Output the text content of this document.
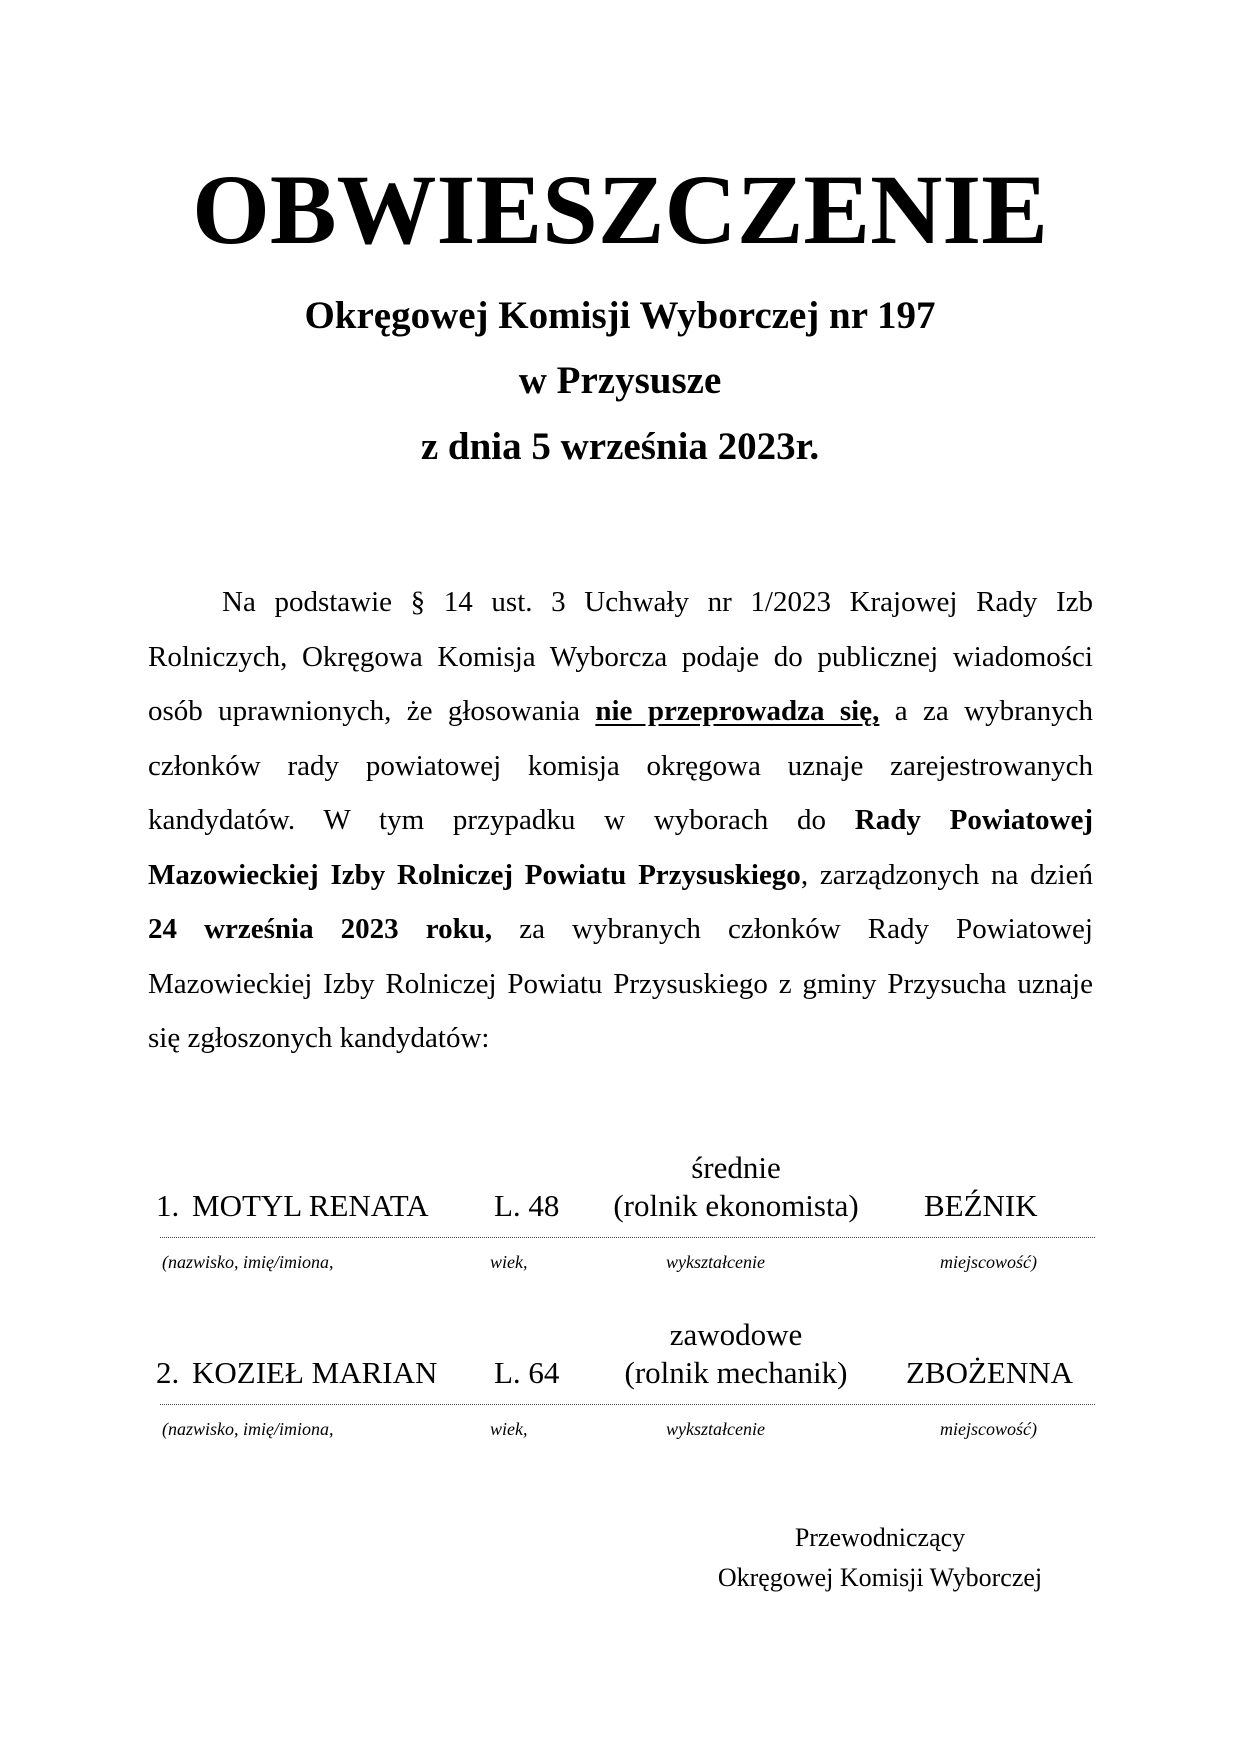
OBWIESZCZENIE
Okręgowej Komisji Wyborczej nr 197
w Przysusze
z dnia 5 września 2023r.
Na podstawie § 14 ust. 3 Uchwały nr 1/2023 Krajowej Rady Izb Rolniczych, Okręgowa Komisja Wyborcza podaje do publicznej wiadomości osób uprawnionych, że głosowania nie przeprowadza się, a za wybranych członków rady powiatowej komisja okręgowa uznaje zarejestrowanych kandydatów. W tym przypadku w wyborach do Rady Powiatowej Mazowieckiej Izby Rolniczej Powiatu Przysuskiego, zarządzonych na dzień 24 września 2023 roku, za wybranych członków Rady Powiatowej Mazowieckiej Izby Rolniczej Powiatu Przysuskiego z gminy Przysucha uznaje się zgłoszonych kandydatów:
średnie
1. MOTYL RENATA L. 48	(rolnik ekonomista)	BEŹNIK
(nazwisko, imię/imiona,	wiek,	wykształcenie	miejscowość)
zawodowe
2. KOZIEŁ MARIAN L. 64	(rolnik mechanik)	ZBOŻENNA
(nazwisko, imię/imiona,	wiek,	wykształcenie	miejscowość)
Przewodniczący
Okręgowej Komisji Wyborczej
